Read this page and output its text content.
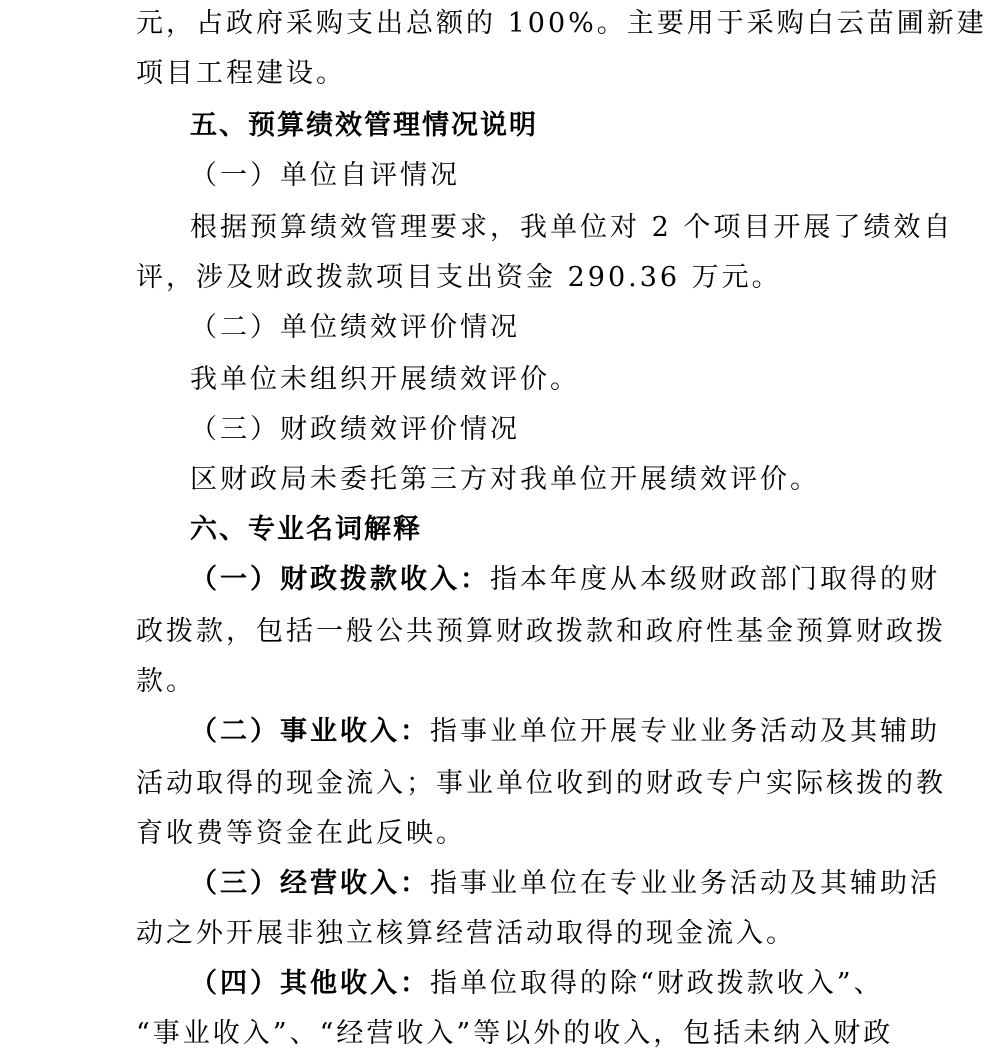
元，占政府采购支出总额的 100%。主要用于采购白云苗圃新建
项目工程建设。
五、预算绩效管理情况说明
（一）单位自评情况
根据预算绩效管理要求，我单位对 2 个项目开展了绩效自
评，涉及财政拨款项目支出资金 290.36 万元。
（二）单位绩效评价情况
我单位未组织开展绩效评价。
（三）财政绩效评价情况
区财政局未委托第三方对我单位开展绩效评价。
六、专业名词解释
（一）财政拨款收入：指本年度从本级财政部门取得的财
政拨款，包括一般公共预算财政拨款和政府性基金预算财政拨
款。
（二）事业收入：指事业单位开展专业业务活动及其辅助
活动取得的现金流入；事业单位收到的财政专户实际核拨的教
育收费等资金在此反映。
（三）经营收入：指事业单位在专业业务活动及其辅助活
动之外开展非独立核算经营活动取得的现金流入。
（四）其他收入：指单位取得的除“财政拨款收入”、
“事业收入”、“经营收入”等以外的收入，包括未纳入财政
